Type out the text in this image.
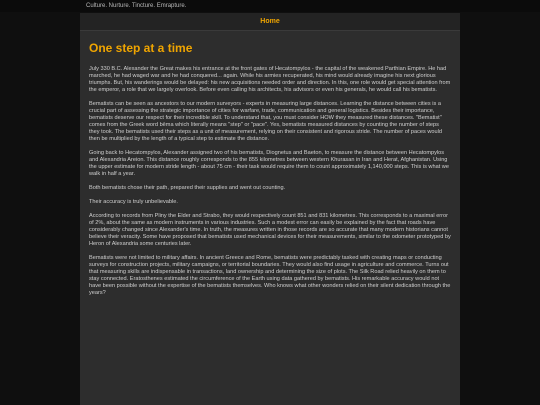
Culture. Nurture. Tincture. Emrapture.
Home
One step at a time

July 330 B.C. Alexander the Great makes his entrance at the front gates of Hecatompylos - the capital of the weakened Parthian Empire. He had marched, he had waged war and he had conquered... again. While his armies recuperated, his mind would already imagine his next glorious triumphs. But, his wanderings would be delayed: his new acquisitions needed order and direction. In this, one role would get special attention from the emperor, a role that we largely overlook. Before even calling his architects, his advisors or even his generals, he would call his bematists.

Bematists can be seen as ancestors to our modern surveyors - experts in measuring large distances. Learning the distance between cities is a crucial part of assessing the strategic importance of cities for warfare, trade, communication and general logistics. Besides their importance, bematists deserve our respect for their incredible skill. To understand that, you must consider HOW they measured these distances. "Bematist" comes from the Greek word bēma which literally means "step" or "pace". Yes, bematists measured distances by counting the number of steps they took. The bematists used their steps as a unit of measurement, relying on their consistent and rigorous stride. The number of paces would then be multiplied by the length of a typical step to estimate the distance.

Going back to Hecatompylos, Alexander assigned two of his bematists, Diognetus and Baeton, to measure the distance between Hecatompylos and Alexandria Areion. This distance roughly corresponds to the 855 kilometres between western Khurasan in Iran and Herat, Afghanistan. Using the upper estimate for modern stride length - about 75 cm - their task would require them to count approximately 1,140,000 steps. This is what we walk in half a year.

Both bematists chose their path, prepared their supplies and went out counting.

Their accuracy is truly unbelievable.

According to records from Pliny the Elder and Strabo, they would respectively count 851 and 831 kilometres. This corresponds to a maximal error of 2%, about the same as modern instruments in various industries. Such a modest error can easily be explained by the fact that roads have considerably changed since Alexander's time. In truth, the measures written in those records are so accurate that many modern historians cannot believe their veracity. Some have proposed that bematists used mechanical devices for their measurements, similar to the odometer prototyped by Heron of Alexandria some centuries later.

Bematists were not limited to military affairs. In ancient Greece and Rome, bematists were predictably tasked with creating maps or conducting surveys for construction projects, military campaigns, or territorial boundaries. They would also find usage in agriculture and commerce. Turns out that measuring skills are indispensable in transactions, land ownership and determining the size of plots. The Silk Road relied heavily on them to stay connected. Eratosthenes estimated the circumference of the Earth using data gathered by bematists. His remarkable accuracy would not have been possible without the expertise of the bematists themselves. Who knows what other wonders relied on their silent dedication through the years?
